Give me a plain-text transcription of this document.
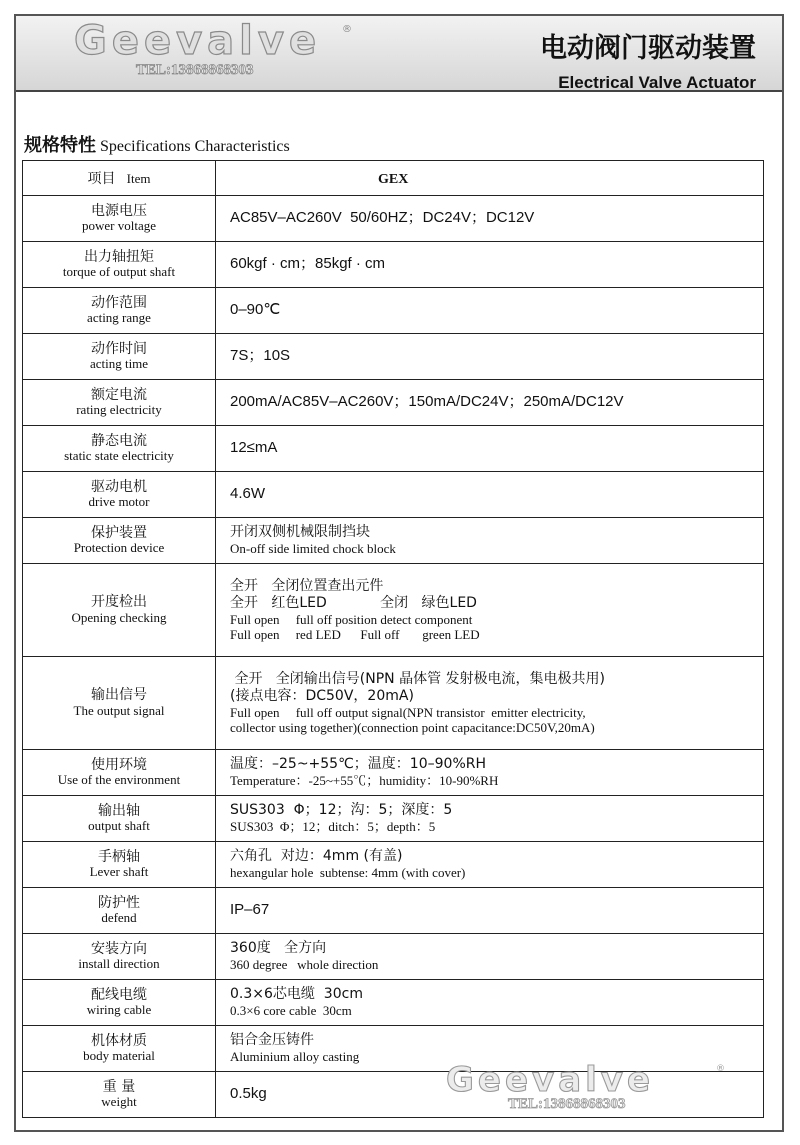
Geevalve ®
TEL:13868868303
电动阀门驱动装置
Electrical Valve Actuator
规格特性 Specifications Characteristics
项目 Item	GEX

电源电压
power voltage	AC85V–AC260V  50/60HZ；DC24V；DC12V

出力轴扭矩
torque of output shaft	60kgf · cm；85kgf · cm

动作范围
acting range	0–90℃

动作时间
acting time	7S；10S

额定电流
rating electricity	200mA/AC85V–AC260V；150mA/DC24V；250mA/DC12V

静态电流
static state electricity	12≤mA

驱动电机
drive motor	4.6W

保护装置
Protection device	开闭双侧机械限制挡块
On-off side limited chock block

开度检出
Opening checking	全开   全闭位置查出元件
全开   红色LED            全闭   绿色LED
Full open     full off position detect component
Full open     red LED      Full off       green LED

输出信号
The output signal	全开   全闭输出信号(NPN 晶体管 发射极电流，集电极共用)
(接点电容：DC50V，20mA)
Full open     full off output signal(NPN transistor  emitter electricity,
collector using together)(connection point capacitance:DC50V,20mA)

使用环境
Use of the environment	温度：–25~+55℃；温度：10–90%RH
Temperature：-25~+55℃；humidity：10-90%RH

输出轴
output shaft	SUS303  Φ；12；沟：5；深度：5
SUS303  Φ；12；ditch：5；depth：5

手柄轴
Lever shaft	六角孔  对边：4mm (有盖)
hexangular hole  subtense: 4mm (with cover)

防护性
defend	IP–67

安装方向
install direction	360度   全方向
360 degree   whole direction

配线电缆
wiring cable	0.3×6芯电缆  30cm
0.3×6 core cable  30cm

机体材质
body material	铝合金压铸件
Aluminium alloy casting

重 量
weight	0.5kg	Geevalve	®
TEL:13868868303
